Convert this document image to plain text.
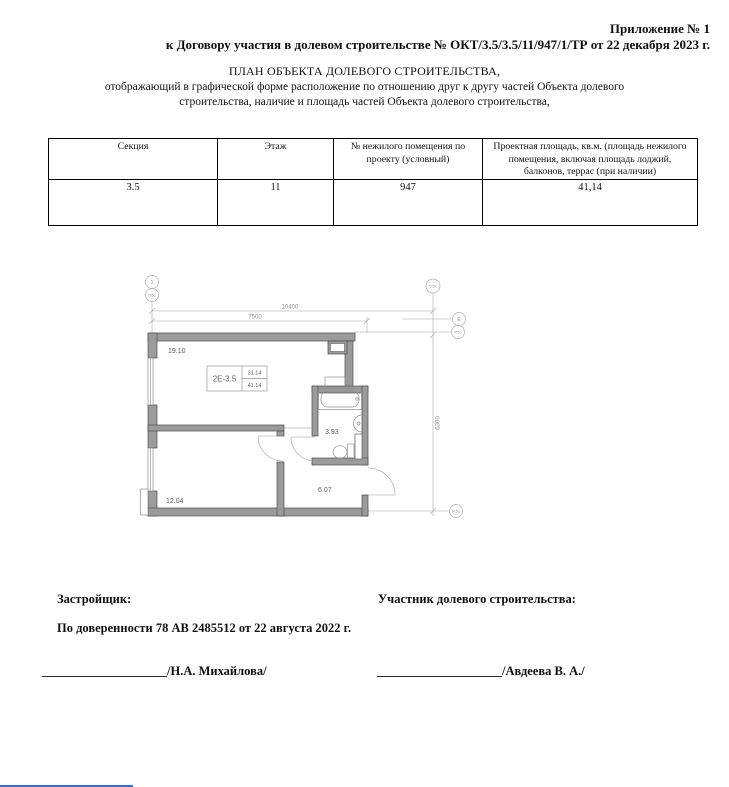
Приложение № 1
к Договору участия в долевом строительстве № ОКТ/3.5/3.5/11/947/1/ТР от 22 декабря 2023 г.
ПЛАН ОБЪЕКТА ДОЛЕВОГО СТРОИТЕЛЬСТВА,
отображающий в графической форме расположение по отношению друг к другу частей Объекта долевого строительства, наличие и площадь частей Объекта долевого строительства,
Секция	Этаж	№ нежилого помещения по проекту (условный)	Проектная площадь, кв.м. (площадь нежилого помещения, включая площадь лоджий, балконов, террас (при наличии)
3.5	11	947	41,14
10400
7500
6300
1
П5с
5.5с
Е
Р.5с
И.5с
2Е-3.5
31.14
41.14
19.10
12.04
6.07
3.93
Застройщик:	Участник долевого строительства:
По доверенности 78 АВ 2485512 от 22 августа 2022 г.
____________________/Н.А. Михайлова/	____________________/Авдеева В. А./
